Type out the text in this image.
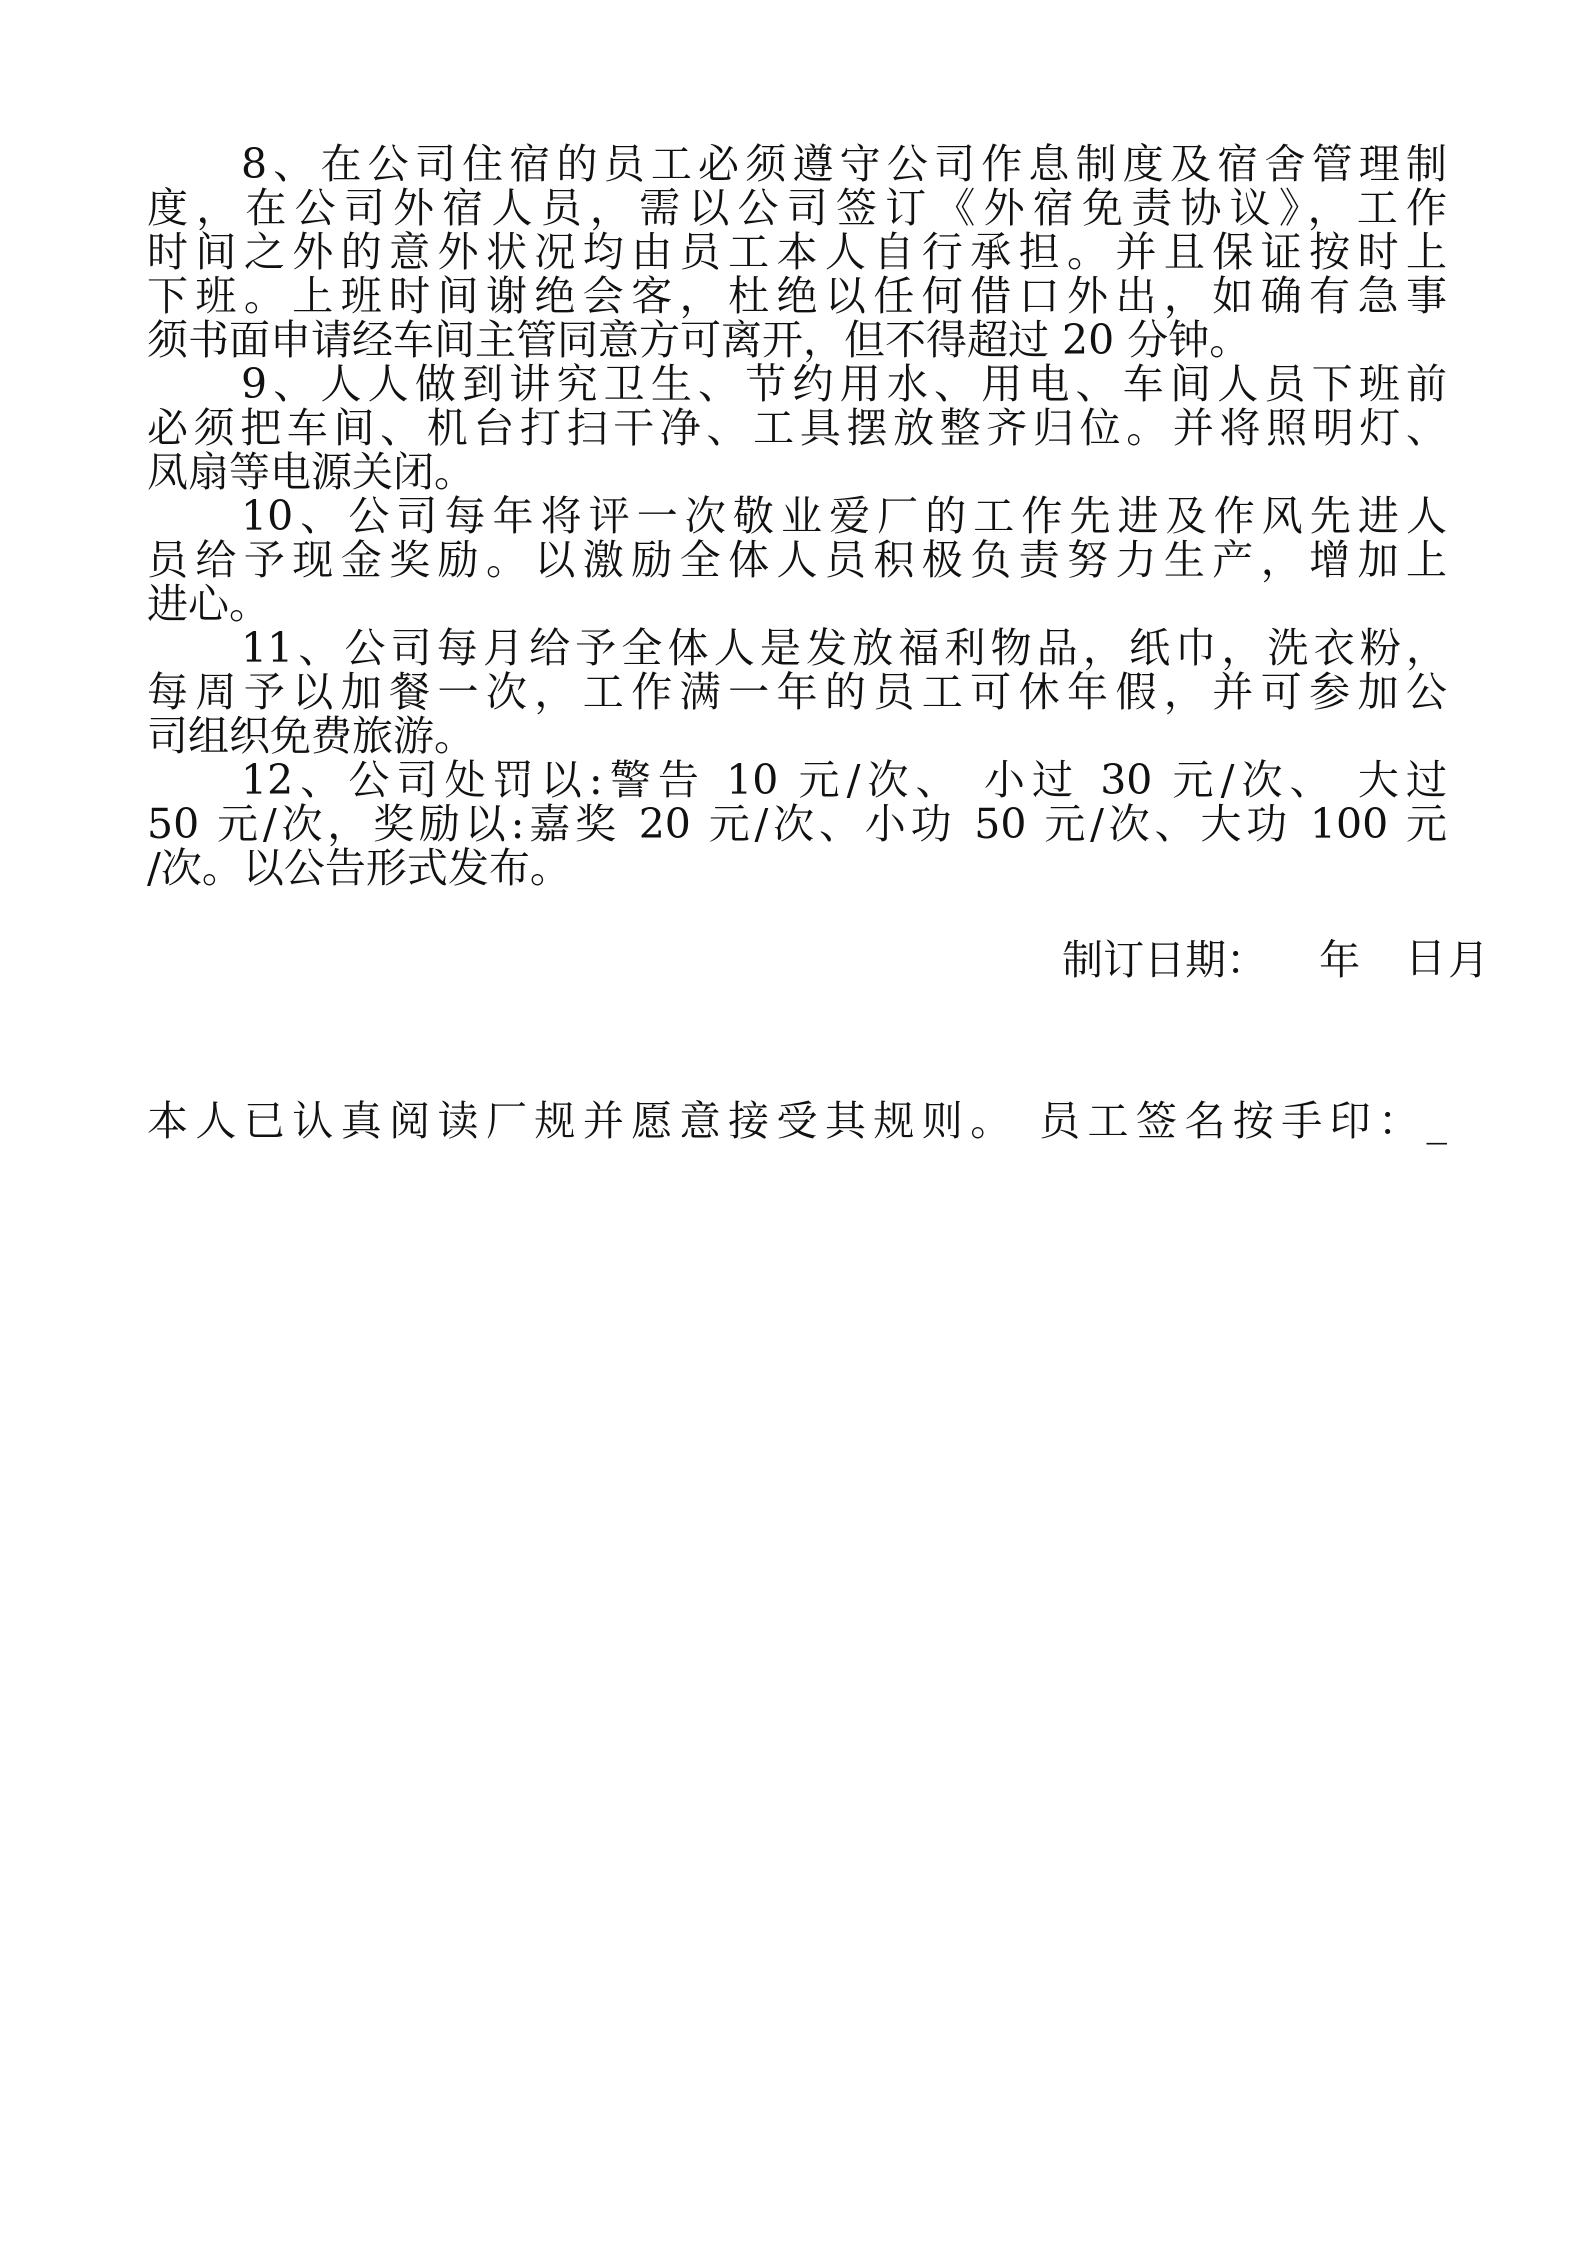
8、在公司住宿的员工必须遵守公司作息制度及宿舍管理制
度，在公司外宿人员，需以公司签订《外宿免责协议》，工作
时间之外的意外状况均由员工本人自行承担。并且保证按时上
下班。上班时间谢绝会客，杜绝以任何借口外出，如确有急事
须书面申请经车间主管同意方可离开，但不得超过 20 分钟。
9、人人做到讲究卫生、节约用水、用电、车间人员下班前
必须把车间、机台打扫干净、工具摆放整齐归位。并将照明灯、
凤扇等电源关闭。
10、公司每年将评一次敬业爱厂的工作先进及作风先进人
员给予现金奖励。以激励全体人员积极负责努力生产，增加上
进心。
11、公司每月给予全体人是发放福利物品，纸巾，洗衣粉，
每周予以加餐一次，工作满一年的员工可休年假，并可参加公
司组织免费旅游。
12、公司处罚以:警告 10 元/次、 小过 30 元/次、 大过
50 元/次，奖励以:嘉奖 20 元/次、小功 50 元/次、大功 100 元
/次。以公告形式发布。

制订日期： 年 月

日
本人已认真阅读厂规并愿意接受其规则。 员工签名按手印：_
